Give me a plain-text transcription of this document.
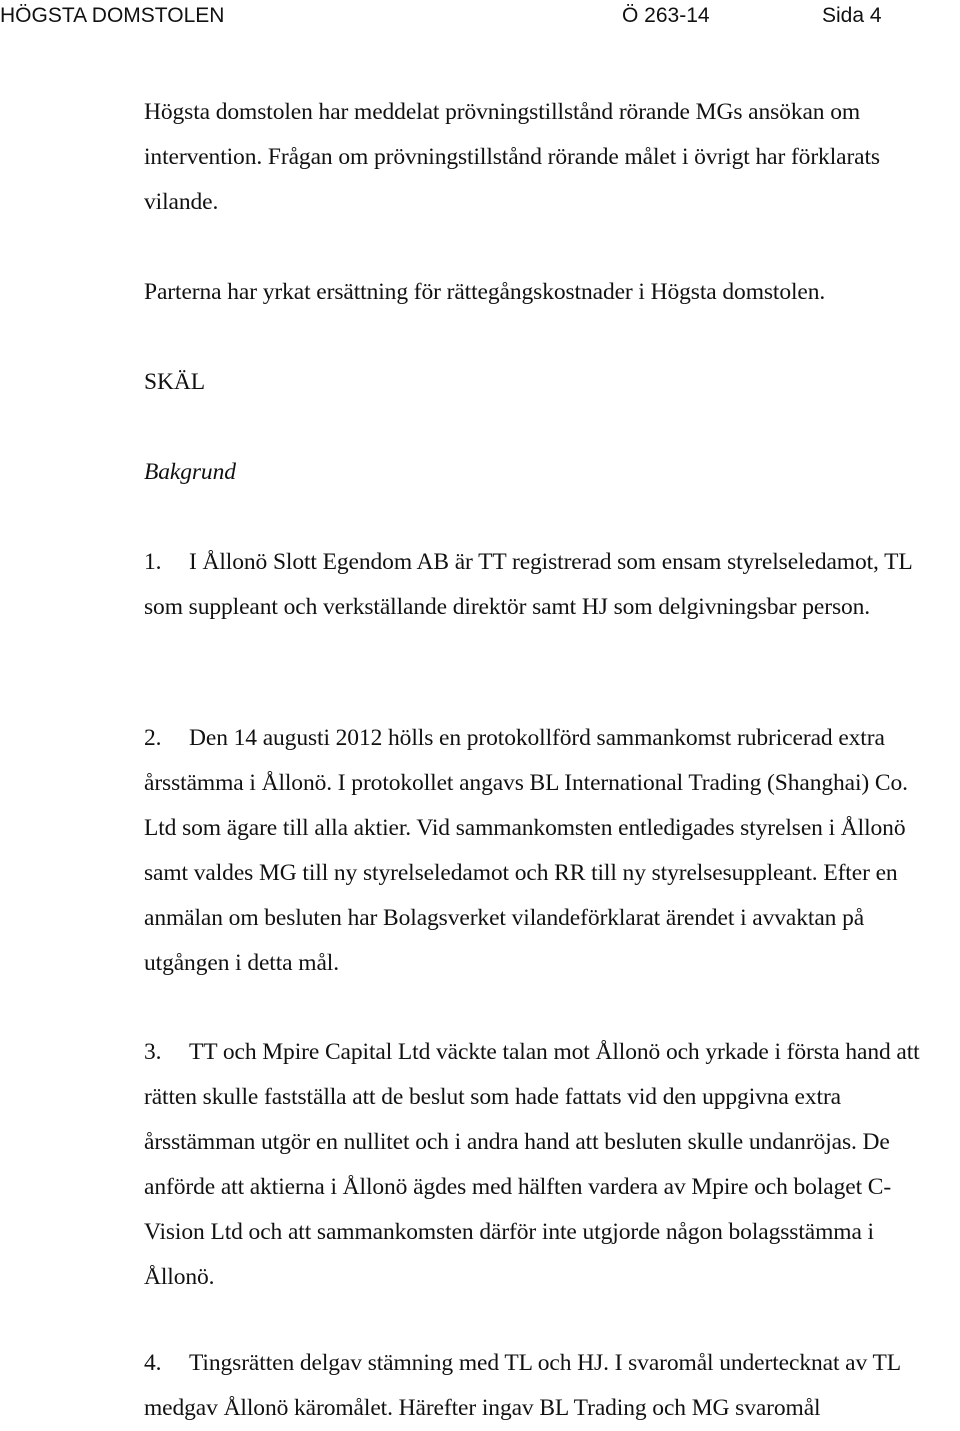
HÖGSTA DOMSTOLEN	Ö 263-14	Sida 4

Högsta domstolen har meddelat prövningstillstånd rörande MGs ansökan om intervention. Frågan om prövningstillstånd rörande målet i övrigt har förklarats vilande.

Parterna har yrkat ersättning för rättegångskostnader i Högsta domstolen.

SKÄL

Bakgrund

1. I Ållonö Slott Egendom AB är TT registrerad som ensam styrelseledamot, TL som suppleant och verkställande direktör samt HJ som delgivningsbar person.

2. Den 14 augusti 2012 hölls en protokollförd sammankomst rubricerad extra årsstämma i Ållonö. I protokollet angavs BL International Trading (Shanghai) Co. Ltd som ägare till alla aktier. Vid sammankomsten entledigades styrelsen i Ållonö samt valdes MG till ny styrelseledamot och RR till ny styrelsesuppleant. Efter en anmälan om besluten har Bolagsverket vilandeförklarat ärendet i avvaktan på utgången i detta mål.

3. TT och Mpire Capital Ltd väckte talan mot Ållonö och yrkade i första hand att rätten skulle fastställa att de beslut som hade fattats vid den uppgivna extra årsstämman utgör en nullitet och i andra hand att besluten skulle undanröjas. De anförde att aktierna i Ållonö ägdes med hälften vardera av Mpire och bolaget C-Vision Ltd och att sammankomsten därför inte utgjorde någon bolagsstämma i Ållonö.

4. Tingsrätten delgav stämning med TL och HJ. I svaromål undertecknat av TL medgav Ållonö käromålet. Härefter ingav BL Trading och MG svaromål
